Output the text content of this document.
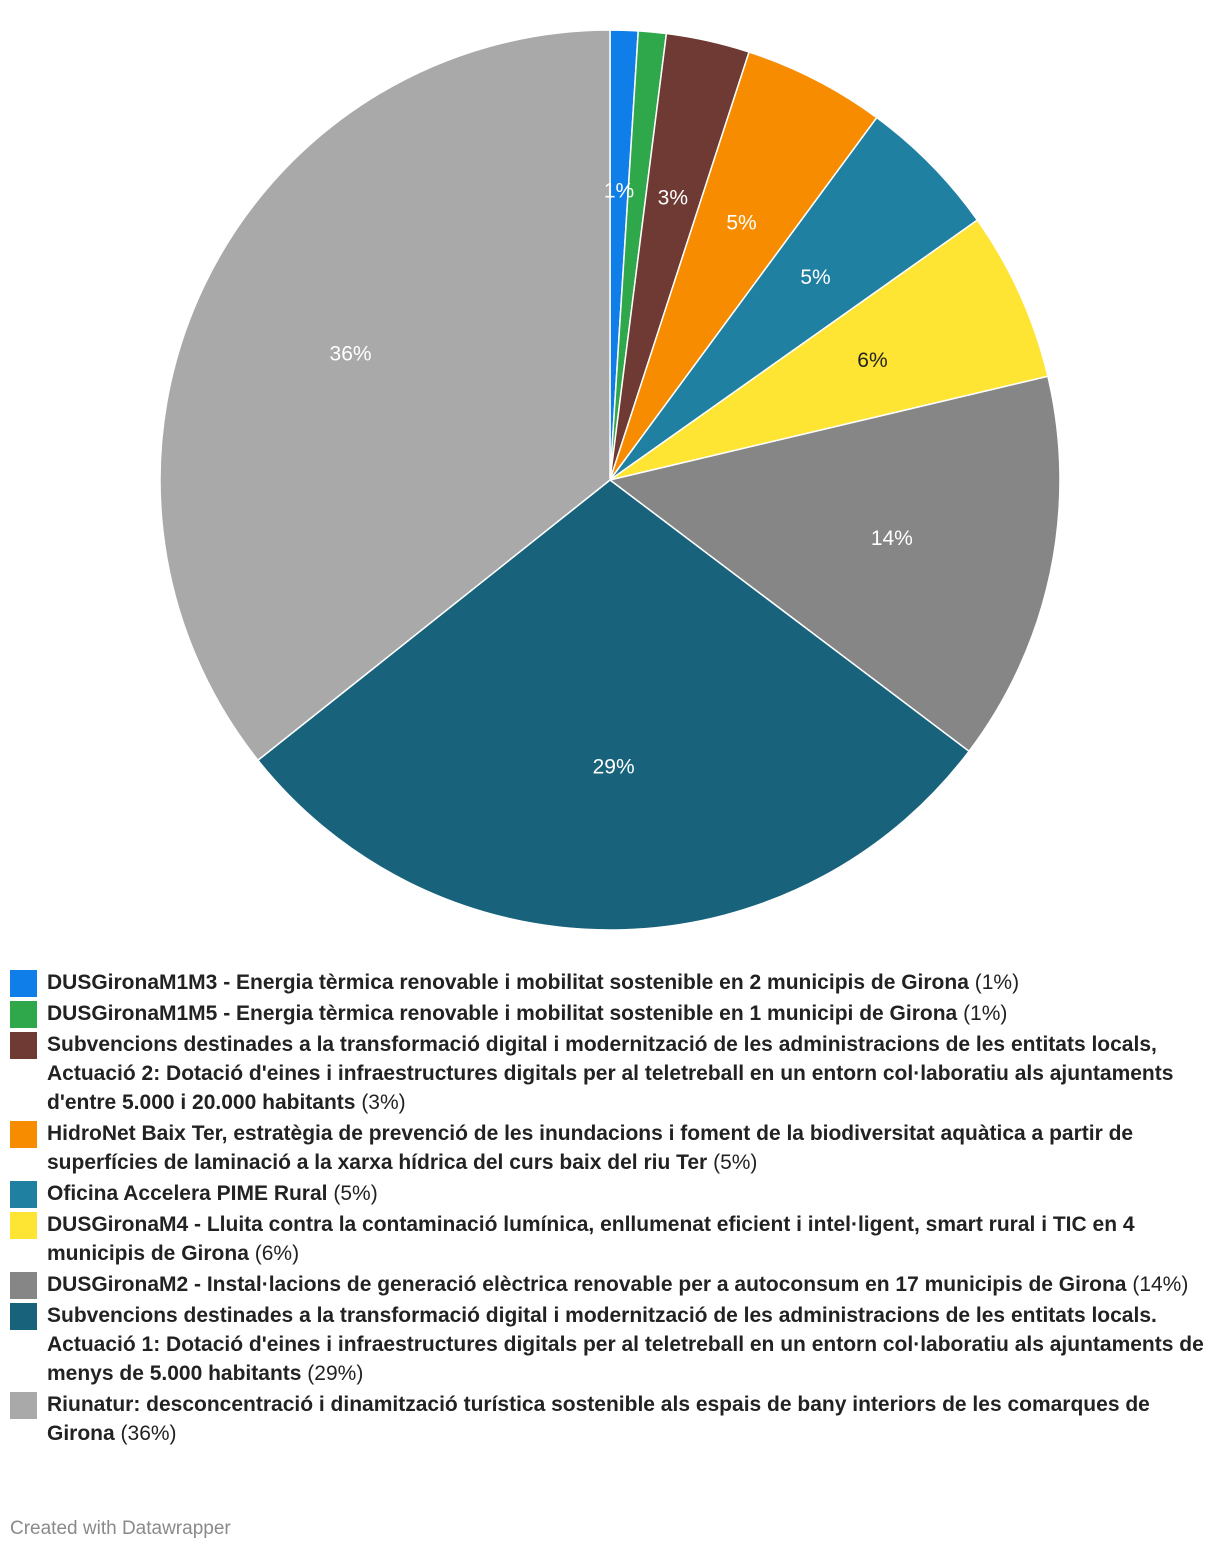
1% 3%
5%
5%
6%
14%
29%
36%
DUSGironaM1M3 - Energia tèrmica renovable i mobilitat sostenible en 2 municipis de Girona (1%)
DUSGironaM1M5 - Energia tèrmica renovable i mobilitat sostenible en 1 municipi de Girona (1%)
Subvencions destinades a la transformació digital i modernització de les administracions de les entitats locals, Actuació 2: Dotació d'eines i infraestructures digitals per al teletreball en un entorn col·laboratiu als ajuntaments d'entre 5.000 i 20.000 habitants (3%)
HidroNet Baix Ter, estratègia de prevenció de les inundacions i foment de la biodiversitat aquàtica a partir de superfícies de laminació a la xarxa hídrica del curs baix del riu Ter (5%)
Oficina Accelera PIME Rural (5%)
DUSGironaM4 - Lluita contra la contaminació lumínica, enllumenat eficient i intel·ligent, smart rural i TIC en 4 municipis de Girona (6%)
DUSGironaM2 - Instal·lacions de generació elèctrica renovable per a autoconsum en 17 municipis de Girona (14%)
Subvencions destinades a la transformació digital i modernització de les administracions de les entitats locals. Actuació 1: Dotació d'eines i infraestructures digitals per al teletreball en un entorn col·laboratiu als ajuntaments de menys de 5.000 habitants (29%)
Riunatur: desconcentració i dinamització turística sostenible als espais de bany interiors de les comarques de Girona (36%)
Created with Datawrapper
